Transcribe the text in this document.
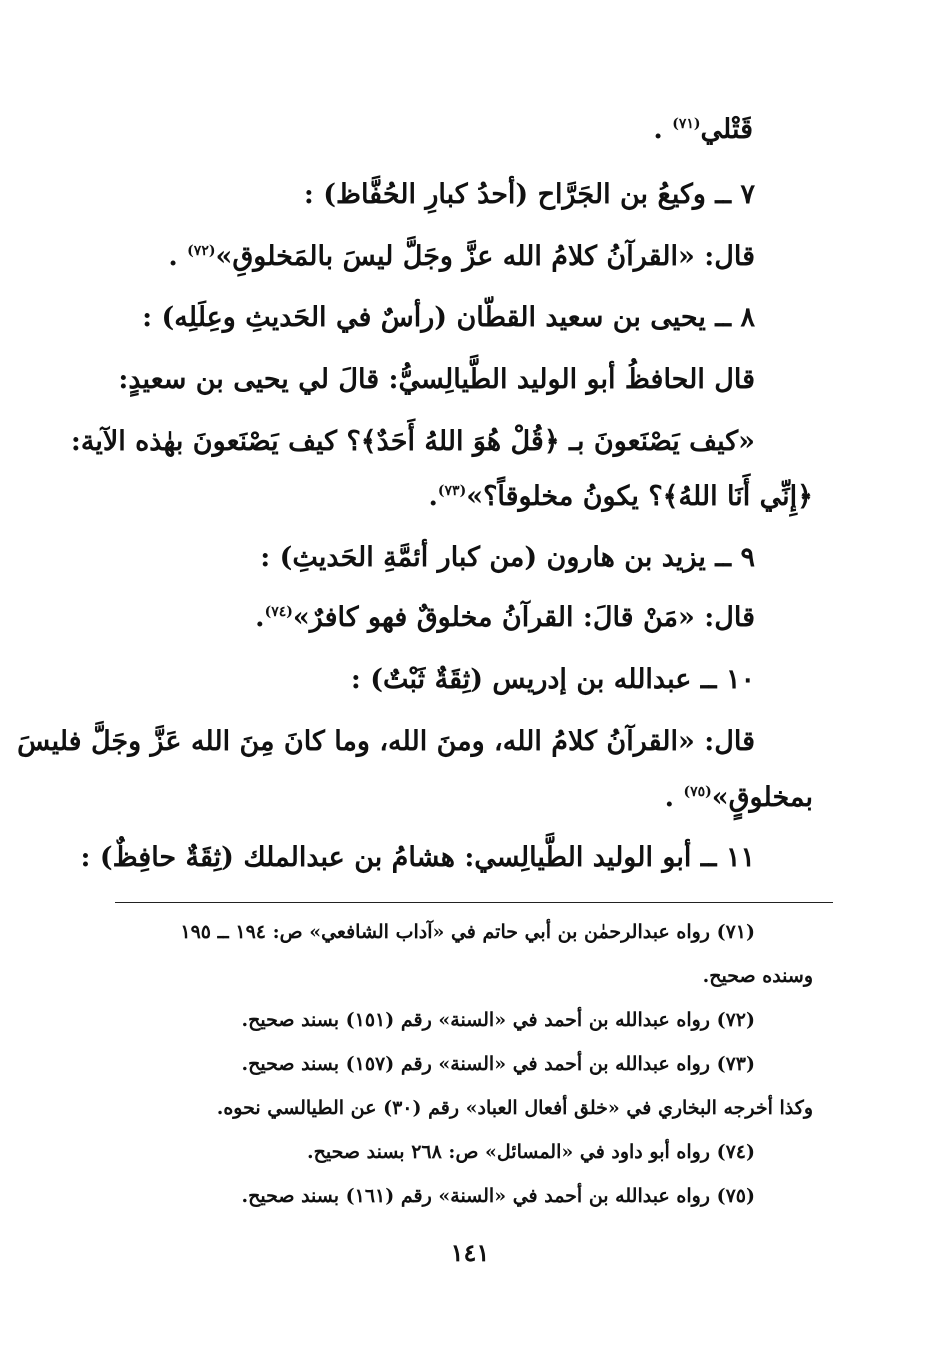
قَتْلي$^{(٧١)}$ .
٧ ــ وكيعُ بن الجَرَّاح (أحدُ كبارِ الحُفَّاظ) :
قال: «القرآنُ كلامُ الله عزَّ وجَلَّ ليسَ بالمَخلوقِ»$^{(٧٢)}$ .
٨ ــ يحيى بن سعيد القطّان (رأسٌ في الحَديثِ وعِلَلِه) :
قال الحافظُ أبو الوليد الطَّيالِسيُّ: قالَ لي يحيى بن سعيدٍ:
«كيف يَصْنَعونَ بـ ﴿قُلْ هُوَ اللهُ أَحَدٌ﴾؟ كيف يَصْنَعونَ بهٰذه الآية:
﴿إِنِّي أَنَا اللهُ﴾؟ يكونُ مخلوقاً؟»$^{(٧٣)}$.
٩ ــ يزيد بن هارون (من كبار أئمَّةِ الحَديثِ) :
قال: «مَنْ قالَ: القرآنُ مخلوقٌ فهو كافرٌ»$^{(٧٤)}$.
١٠ ــ عبدالله بن إدريس (ثِقَةٌ ثَبْتٌ) :
قال: «القرآنُ كلامُ الله، ومنَ الله، وما كانَ مِنَ الله عَزَّ وجَلَّ فليسَ
بمخلوقٍ»$^{(٧٥)}$ .
١١ ــ أبو الوليد الطَّيالِسي: هشامُ بن عبدالملك (ثِقَةٌ حافِظٌ) :
(٧١) رواه عبدالرحمٰن بن أبي حاتم في «آداب الشافعي» ص: ١٩٤ ــ ١٩٥
وسنده صحيح.
(٧٢) رواه عبدالله بن أحمد في «السنة» رقم (١٥١) بسند صحيح.
(٧٣) رواه عبدالله بن أحمد في «السنة» رقم (١٥٧) بسند صحيح.
وكذا أخرجه البخاري في «خلق أفعال العباد» رقم (٣٠) عن الطيالسي نحوه.
(٧٤) رواه أبو داود في «المسائل» ص: ٢٦٨ بسند صحيح.
(٧٥) رواه عبدالله بن أحمد في «السنة» رقم (١٦١) بسند صحيح.
١٤١
